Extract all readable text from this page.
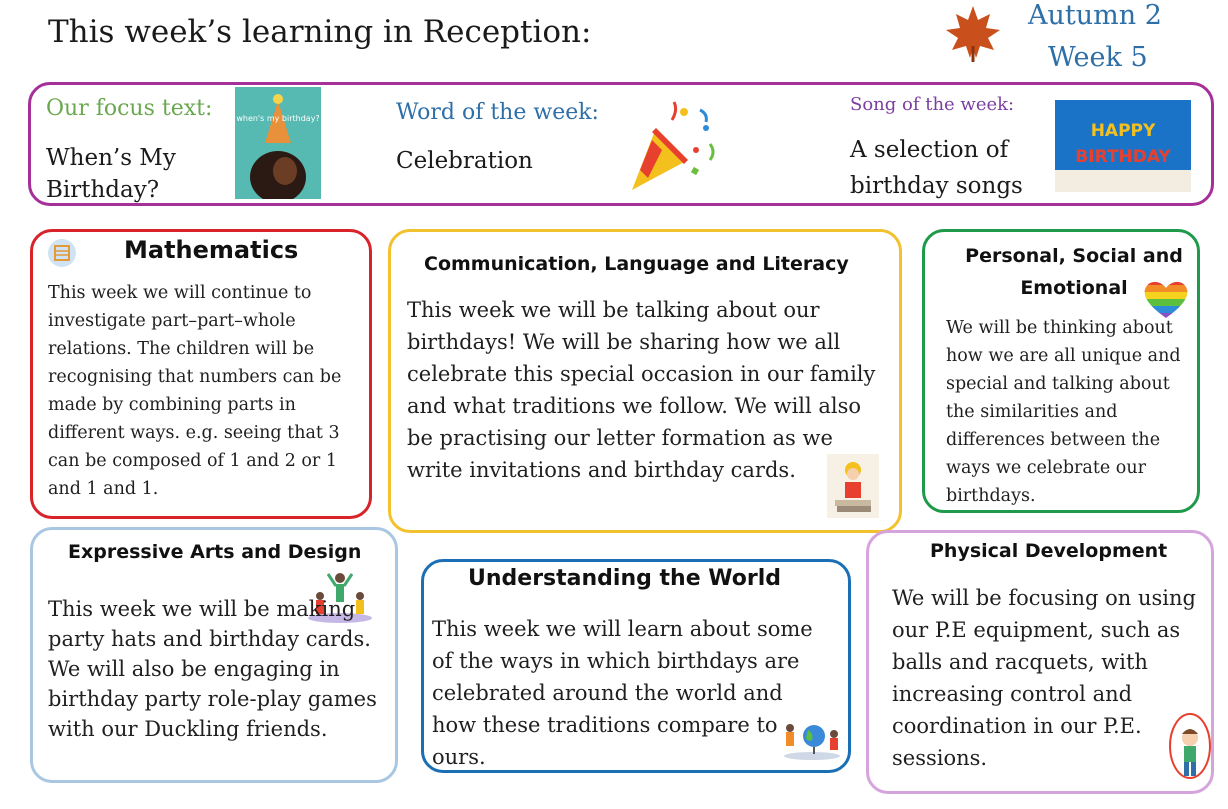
This week’s learning in Reception:	Autumn 2
Week 5
Our focus text:
When’s My Birthday?
when's my birthday?	Word of the week:
Celebration
Song of the week:
A selection of birthday songs
HAPPY
BIRTHDAY
Mathematics
This week we will continue to investigate part–part–whole relations. The children will be recognising that numbers can be made by combining parts in different ways. e.g. seeing that 3 can be composed of 1 and 2 or 1 and 1 and 1.
Communication, Language and Literacy
This week we will be talking about our birthdays! We will be sharing how we all celebrate this special occasion in our family and what traditions we follow. We will also be practising our letter formation as we write invitations and birthday cards.
Personal, Social and Emotional
We will be thinking about how we are all unique and special and talking about the similarities and differences between the ways we celebrate our birthdays.
Expressive Arts and Design
This week we will be making party hats and birthday cards. We will also be engaging in birthday party role-play games with our Duckling friends.
Understanding the World
This week we will learn about some of the ways in which birthdays are celebrated around the world and how these traditions compare to ours.
Physical Development
We will be focusing on using our P.E equipment, such as balls and racquets, with increasing control and coordination in our P.E. sessions.
